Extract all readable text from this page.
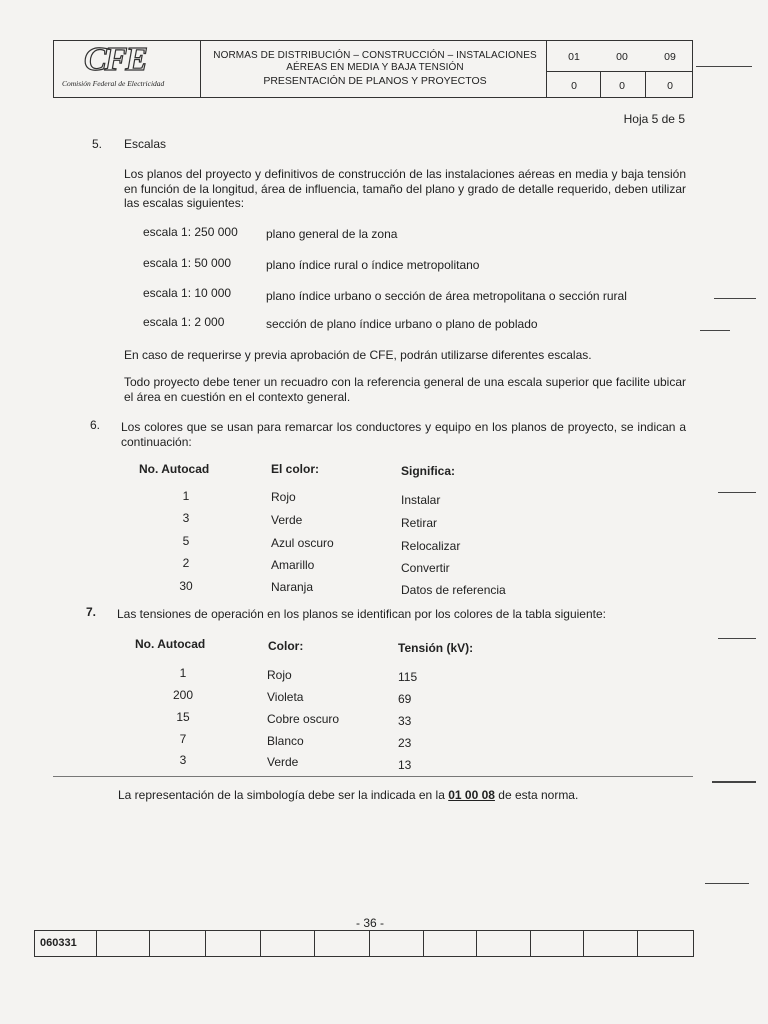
CFE
Comisión Federal de Electricidad
NORMAS DE DISTRIBUCIÓN – CONSTRUCCIÓN – INSTALACIONES
AÉREAS EN MEDIA Y BAJA TENSIÓN
PRESENTACIÓN DE PLANOS Y PROYECTOS
01	00	09
0	0	0
Hoja 5 de 5
5. Escalas
Los planos del proyecto y definitivos de construcción de las instalaciones aéreas en media y baja tensión en función de la longitud, área de influencia, tamaño del plano y grado de detalle requerido, deben utilizar las escalas siguientes:
escala 1: 250 000 plano general de la zona
escala 1: 50 000	plano índice rural o índice metropolitano
escala 1: 10 000	plano índice urbano o sección de área metropolitana o sección rural
escala 1: 2 000	sección de plano índice urbano o plano de poblado
En caso de requerirse y previa aprobación de CFE, podrán utilizarse diferentes escalas.
Todo proyecto debe tener un recuadro con la referencia general de una escala superior que facilite ubicar el área en cuestión en el contexto general.
6. Los colores que se usan para remarcar los conductores y equipo en los planos de proyecto, se indican a continuación:
No. Autocad	El color:	Significa:
1	Rojo	Instalar
3	Verde	Retirar
5	Azul oscuro	Relocalizar
2	Amarillo	Convertir
30	Naranja	Datos de referencia
7. Las tensiones de operación en los planos se identifican por los colores de la tabla siguiente:
No. Autocad	Color:	Tensión (kV):
1	Rojo	115
200	Violeta	69
15	Cobre oscuro	33
7	Blanco	23
3	Verde	13
La representación de la simbología debe ser la indicada en la 01 00 08 de esta norma.
- 36 -
060331
